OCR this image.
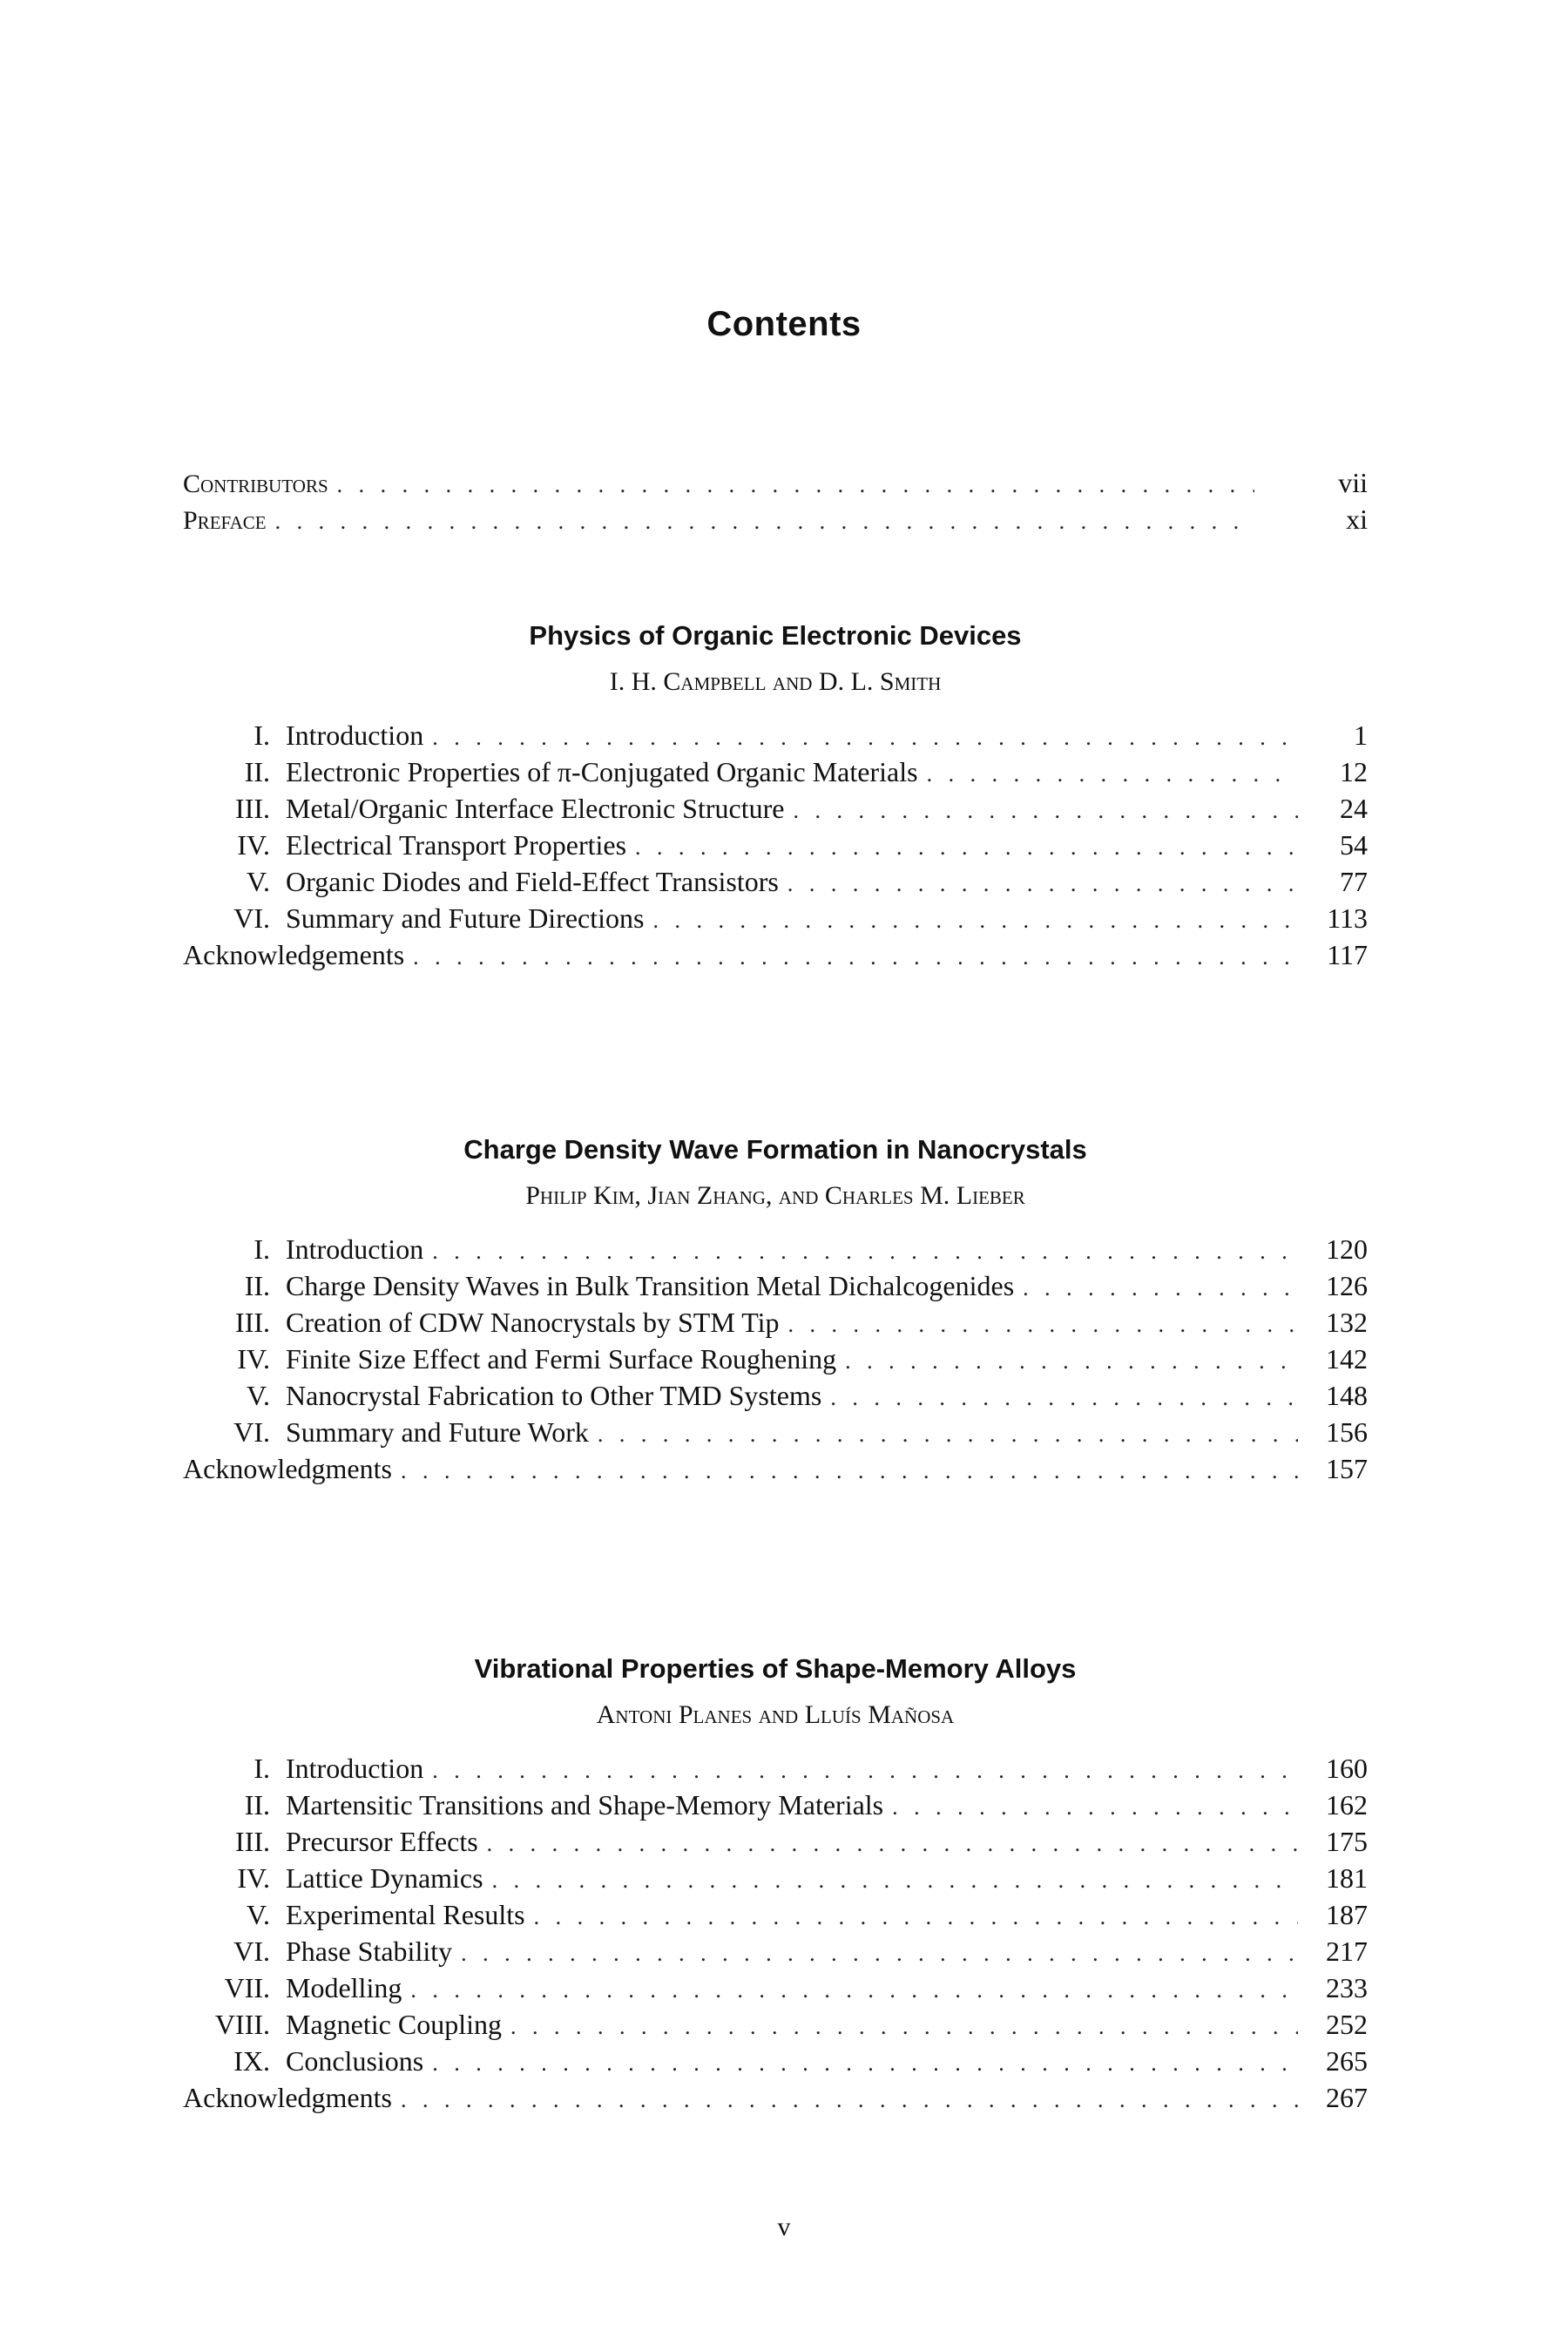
Contents
Contributors . . .	vii
Preface . . .	xi
Physics of Organic Electronic Devices
I. H. Campbell and D. L. Smith
I. Introduction . . .	1
II. Electronic Properties of π-Conjugated Organic Materials . . .	12
III. Metal/Organic Interface Electronic Structure . . .	24
IV. Electrical Transport Properties . . .	54
V. Organic Diodes and Field-Effect Transistors . . .	77
VI. Summary and Future Directions . . .	113
Acknowledgements . . .	117
Charge Density Wave Formation in Nanocrystals
Philip Kim, Jian Zhang, and Charles M. Lieber
I. Introduction . . .	120
II. Charge Density Waves in Bulk Transition Metal Dichalcogenides . . .	126
III. Creation of CDW Nanocrystals by STM Tip . . .	132
IV. Finite Size Effect and Fermi Surface Roughening . . .	142
V. Nanocrystal Fabrication to Other TMD Systems . . .	148
VI. Summary and Future Work . . .	156
Acknowledgments . . .	157
Vibrational Properties of Shape-Memory Alloys
Antoni Planes and Lluís Mañosa
I. Introduction . . .	160
II. Martensitic Transitions and Shape-Memory Materials . . .	162
III. Precursor Effects . . .	175
IV. Lattice Dynamics . . .	181
V. Experimental Results . . .	187
VI. Phase Stability . . .	217
VII. Modelling . . .	233
VIII. Magnetic Coupling . . .	252
IX. Conclusions . . .	265
Acknowledgments . . .	267
v
